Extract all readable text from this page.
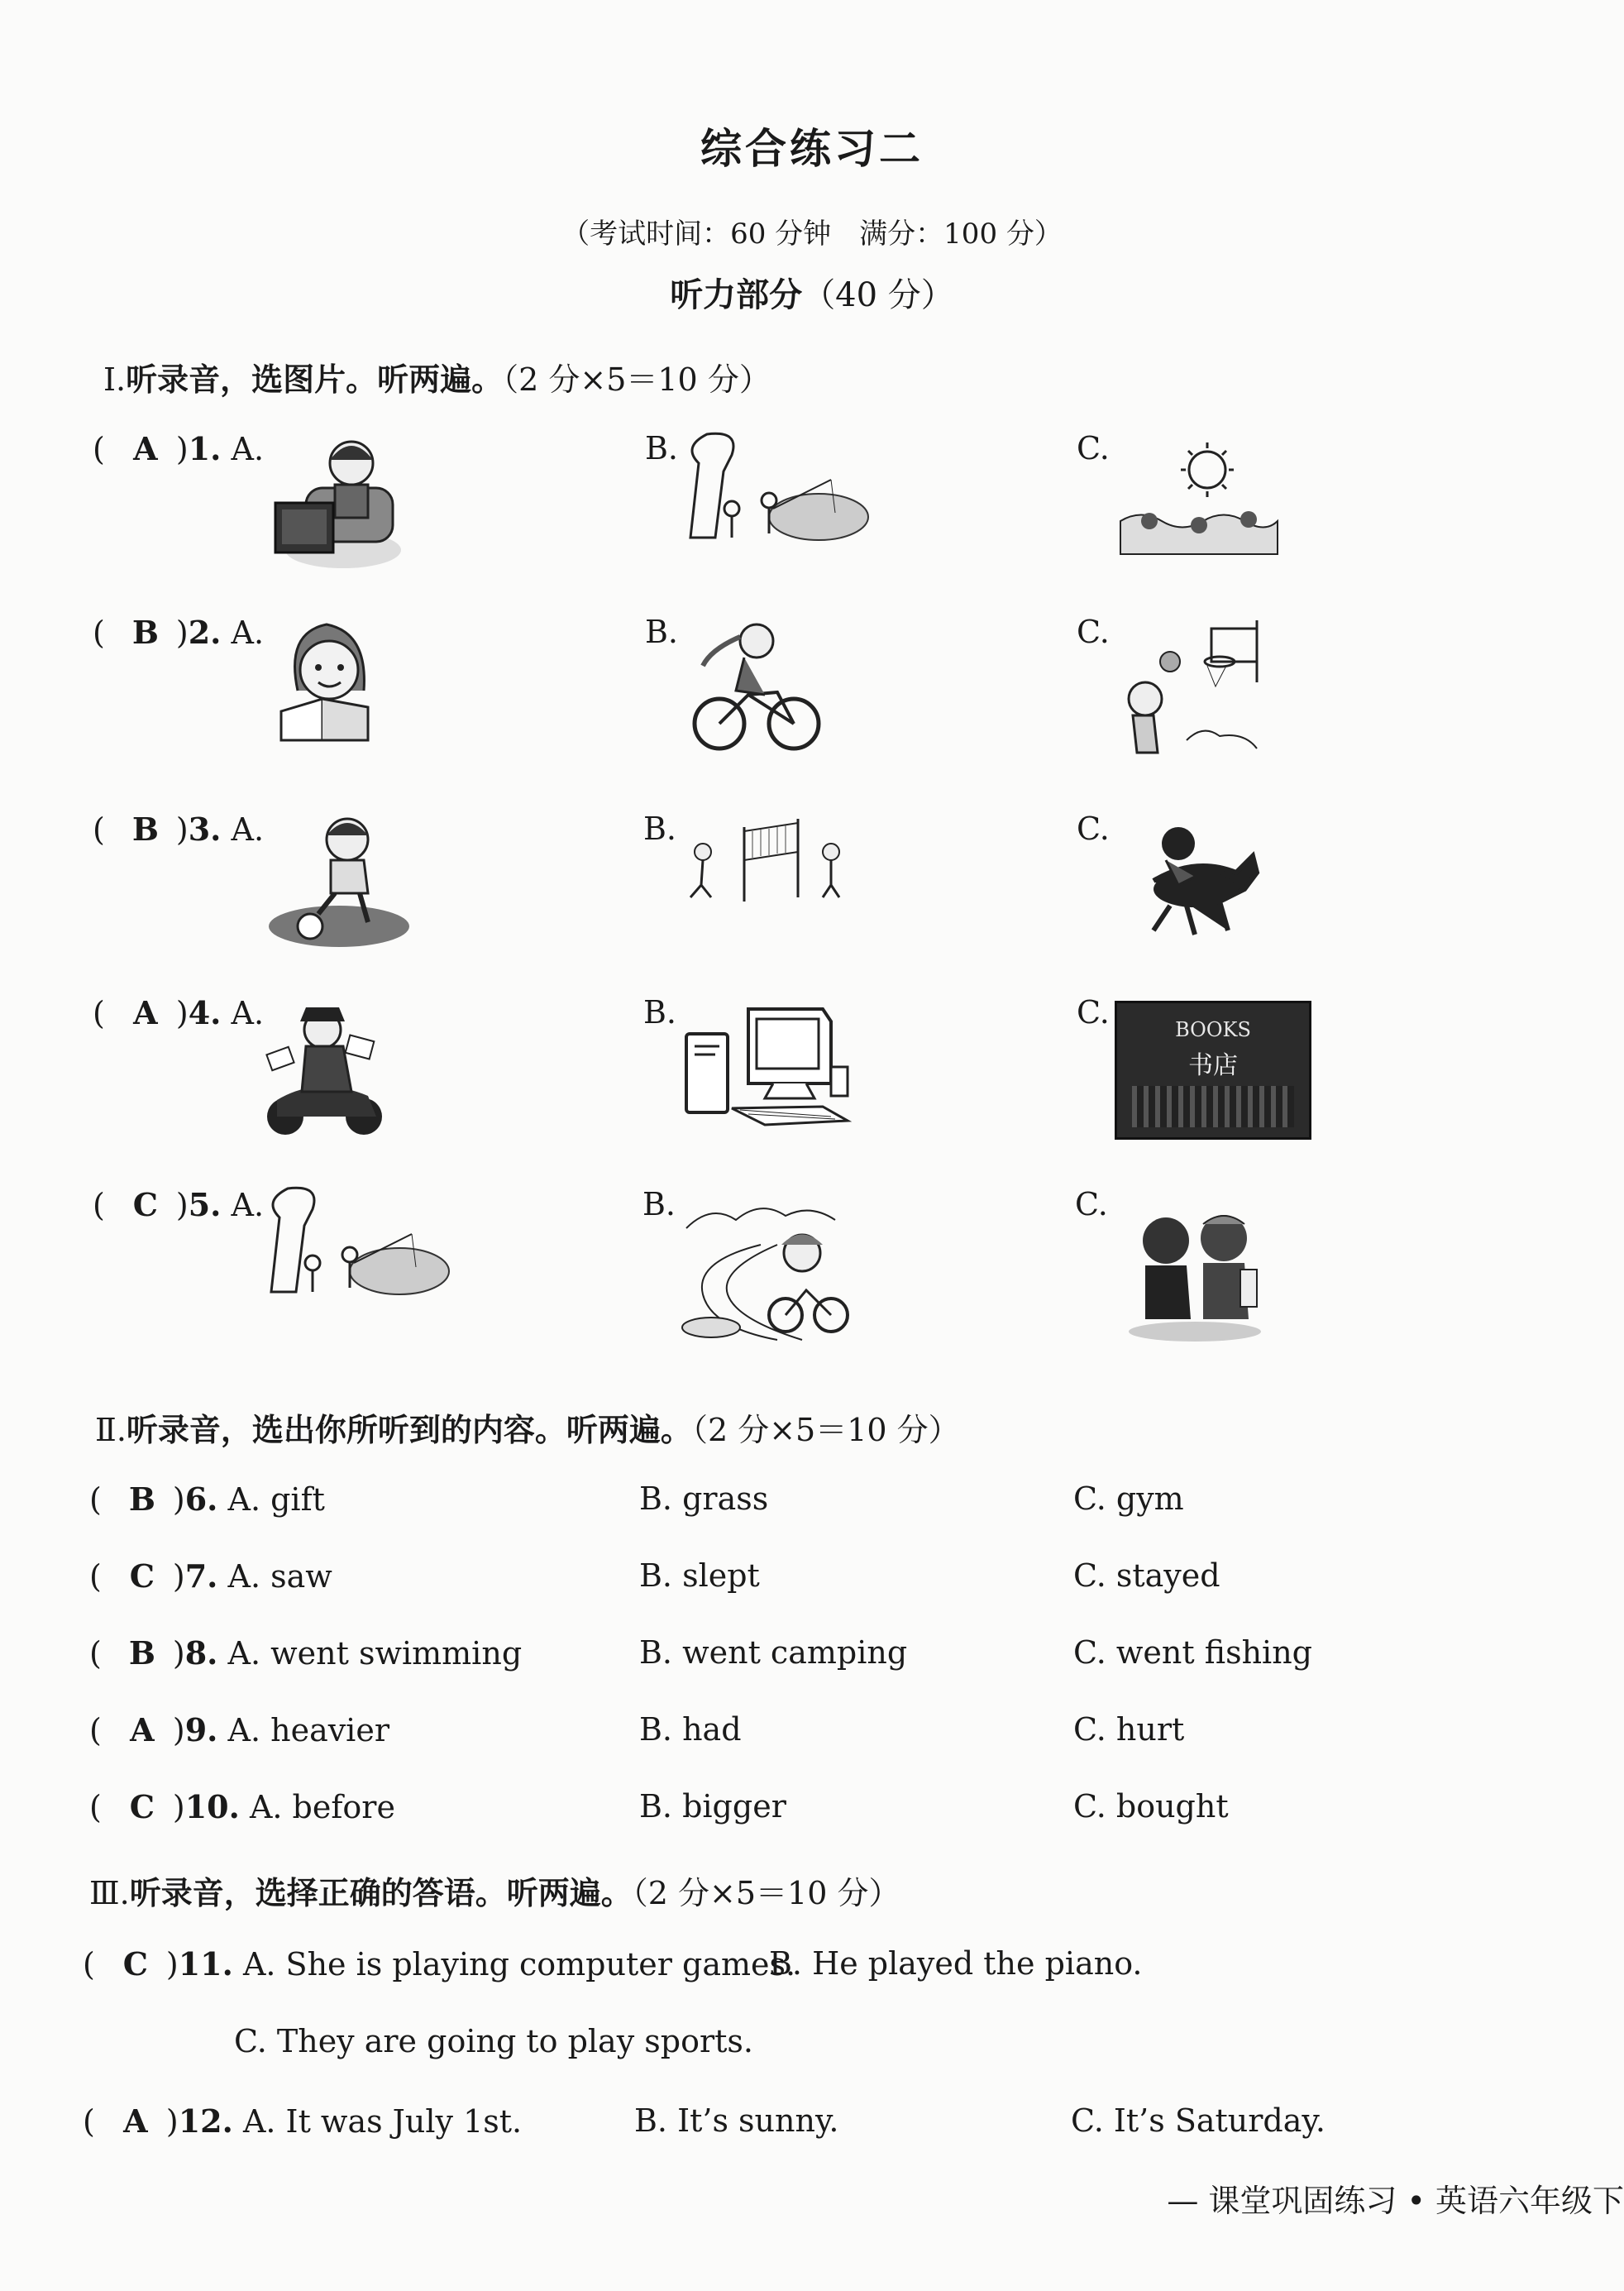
综合练习二
（考试时间：60 分钟　满分：100 分）
听力部分（40 分）
Ⅰ.听录音，选图片。听两遍。（2 分×5＝10 分）
( A )1. A.	B.	C.
( B )2. A.	B.	C.
( B )3. A.	B.	C.
( A )4. A.	B.	C.	BOOKS
书店
( C )5. A.	B.	C.
Ⅱ.听录音，选出你所听到的内容。听两遍。（2 分×5＝10 分）
( B )6. A. gift	B. grass	C. gym
( C )7. A. saw	B. slept	C. stayed
( B )8. A. went swimming	B. went camping	C. went fishing
( A )9. A. heavier	B. had	C. hurt
( C )10. A. before	B. bigger	C. bought
Ⅲ.听录音，选择正确的答语。听两遍。（2 分×5＝10 分）
( C )11. A. She is playing computer games.
B. He played the piano.
C. They are going to play sports.
( A )12. A. It was July 1st.	B. It’s sunny.	C. It’s Saturday.
— 课堂巩固练习 • 英语六年级下
